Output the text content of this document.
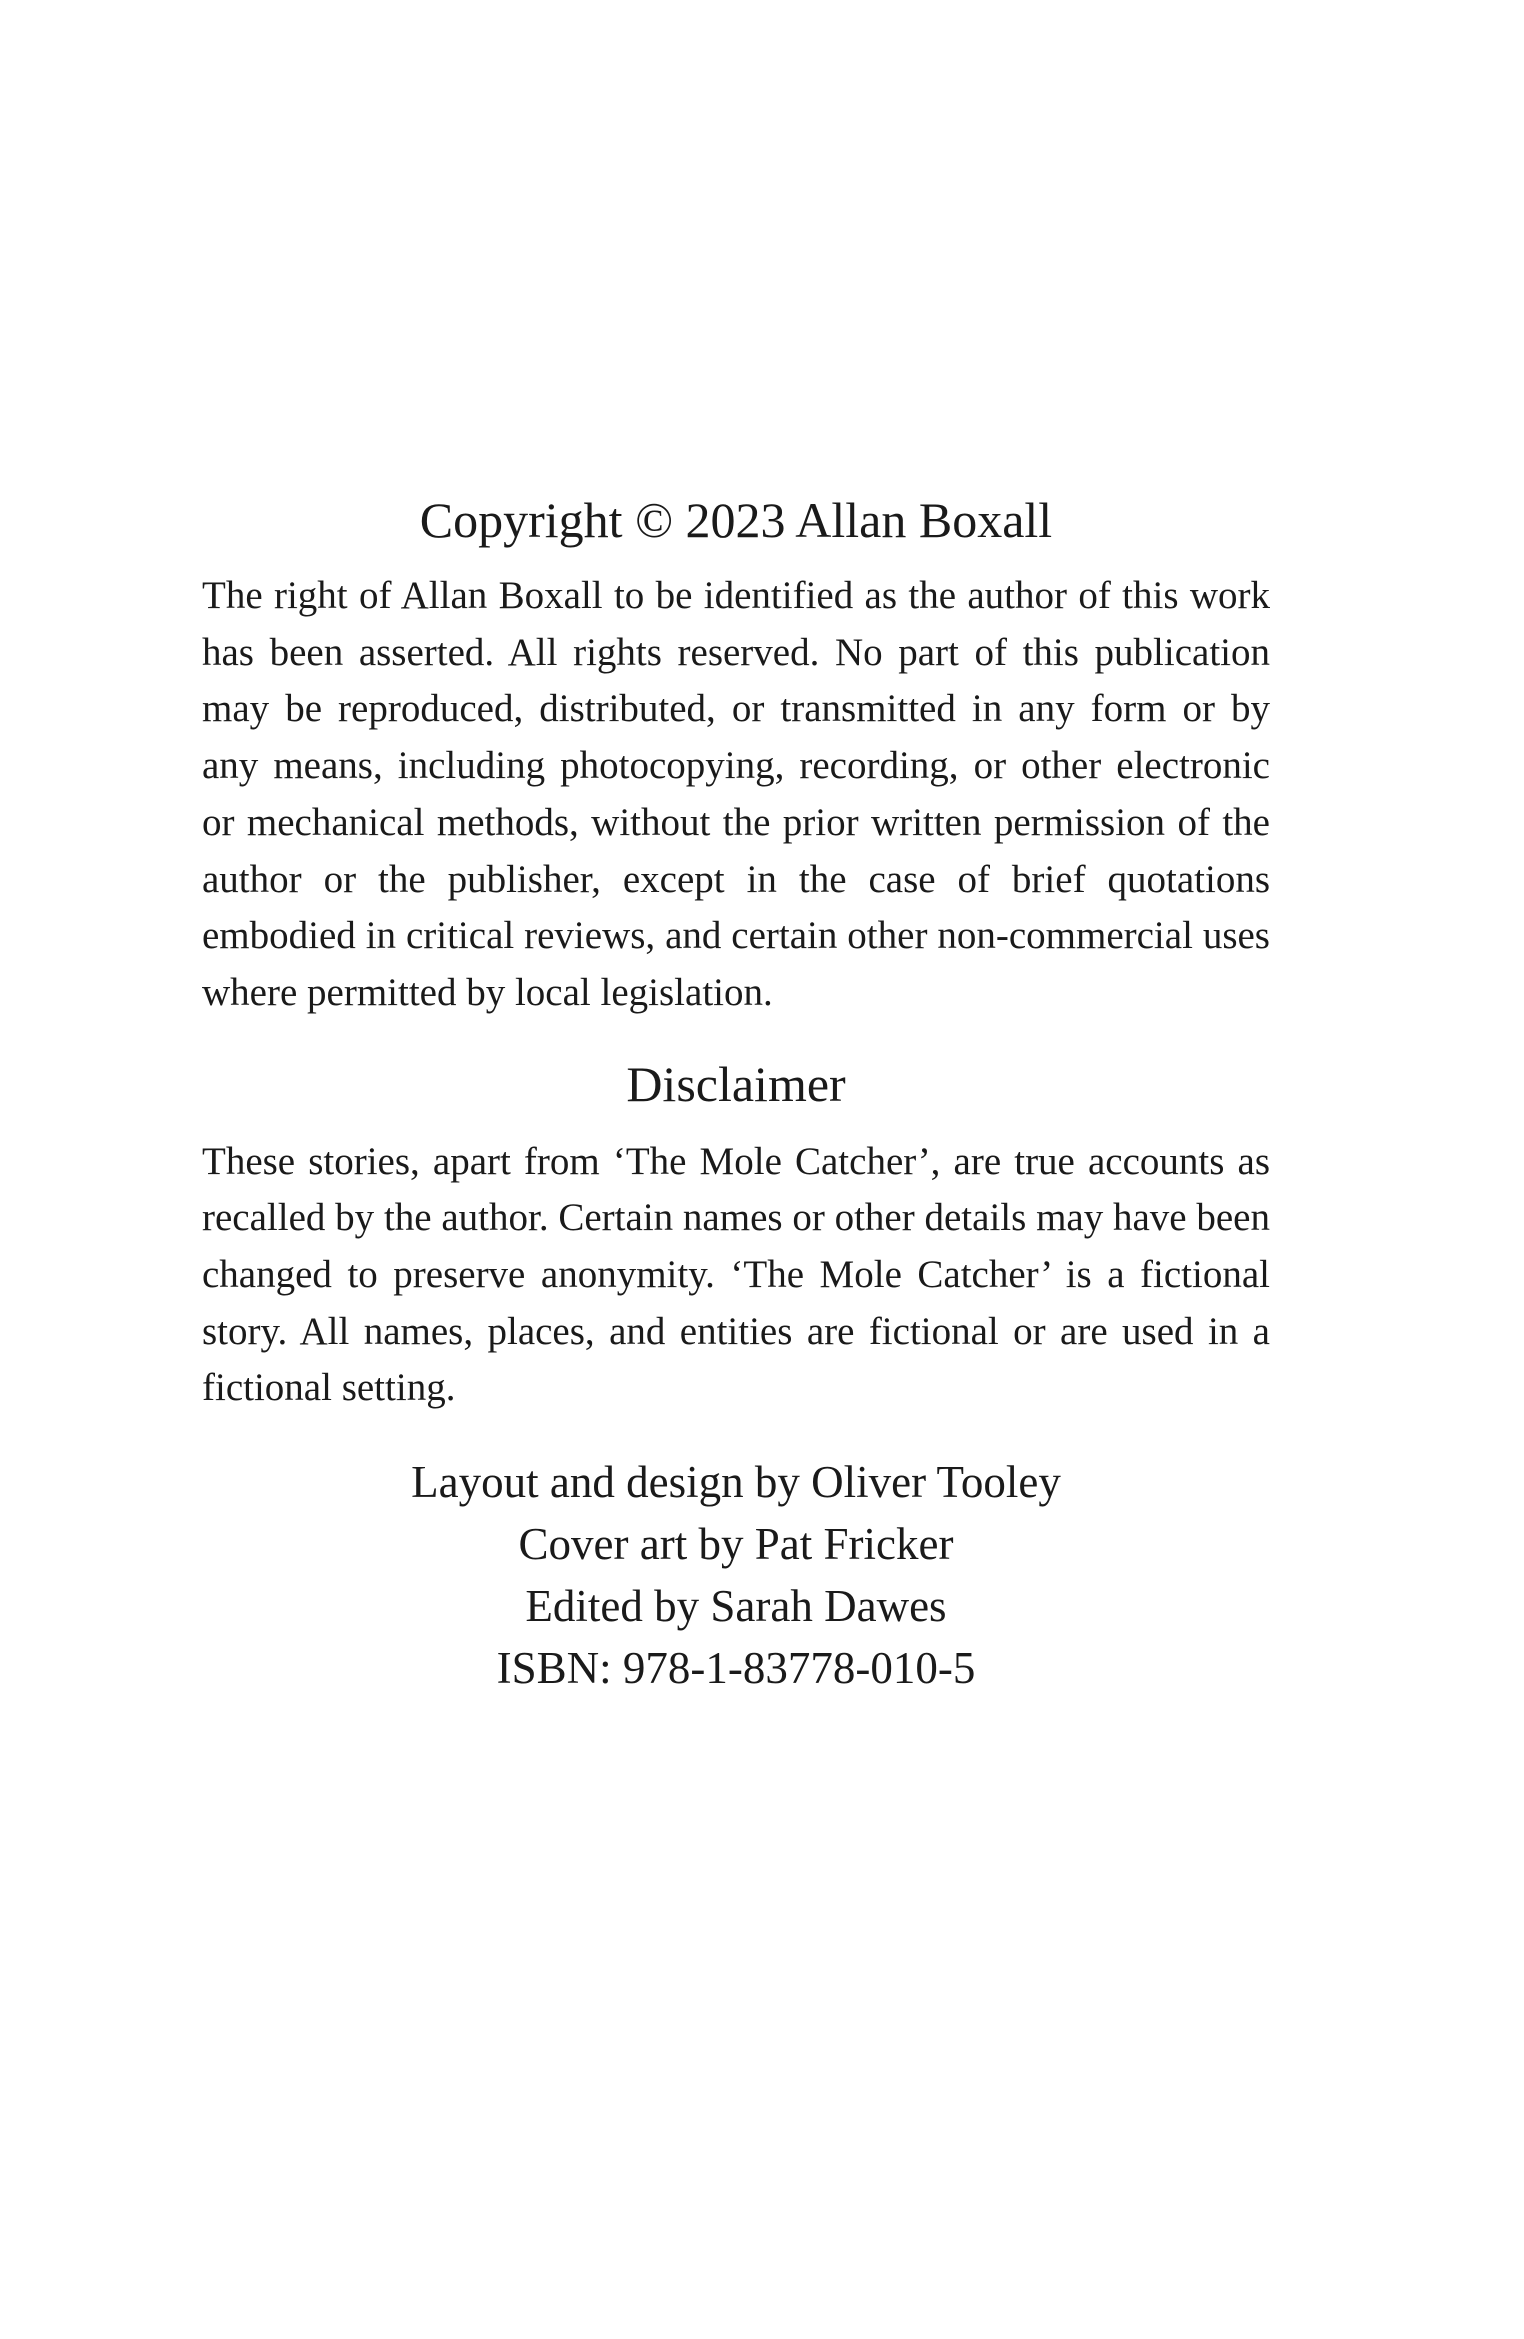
Copyright © 2023 Allan Boxall

The right of Allan Boxall to be identified as the author of this work has been asserted. All rights reserved. No part of this publication may be reproduced, distributed, or transmitted in any form or by any means, including photocopying, recording, or other electronic or mechanical methods, without the prior written permission of the author or the publisher, except in the case of brief quotations embodied in critical reviews, and certain other non-commercial uses where permitted by local legislation.

Disclaimer

These stories, apart from ‘The Mole Catcher’, are true accounts as recalled by the author. Certain names or other details may have been changed to preserve anonymity. ‘The Mole Catcher’ is a fictional story. All names, places, and entities are fictional or are used in a fictional setting.

Layout and design by Oliver Tooley
Cover art by Pat Fricker
Edited by Sarah Dawes
ISBN: 978-1-83778-010-5
